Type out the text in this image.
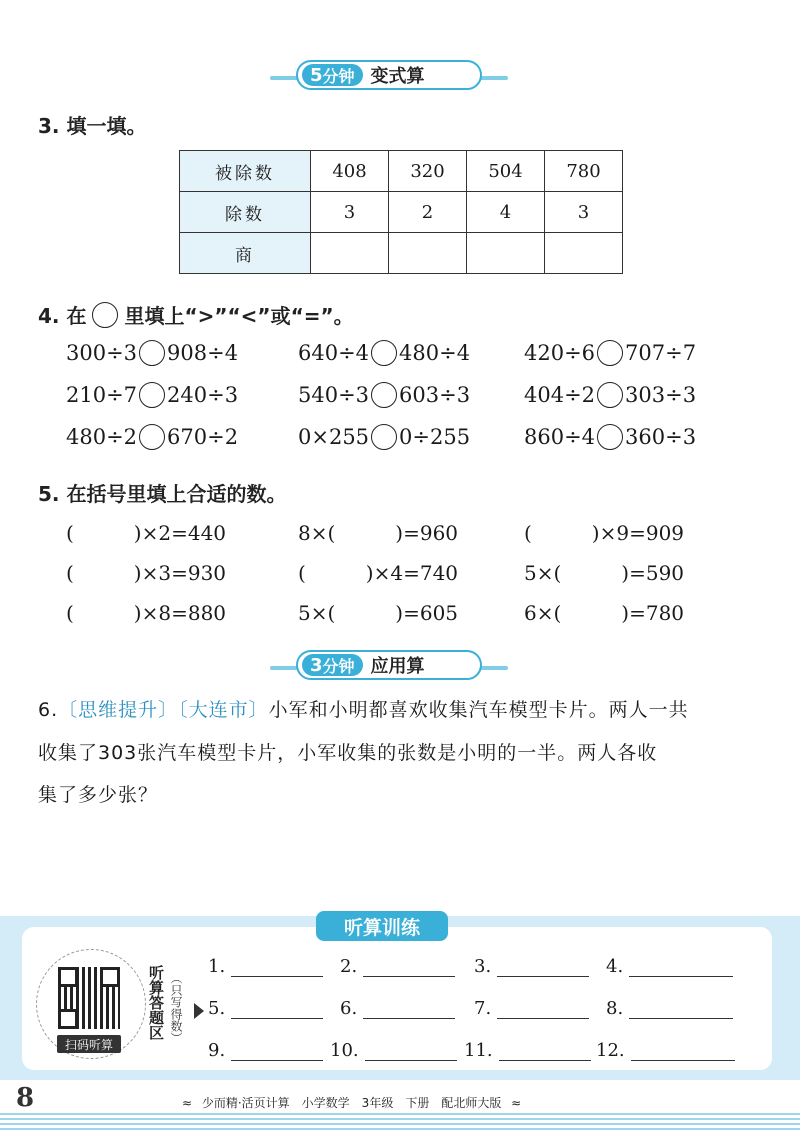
5 分钟 变式算
3. 填一填。
被除数	408	320	504	780
除数	3	2	4	3
商				
4. 在 里填上“>”“<”或“=”。
300÷3 908÷4	640÷4 480÷4	420÷6 707÷7
210÷7 240÷3	540÷3 603÷3	404÷2 303÷3
480÷2 670÷2	0×255 0÷255	860÷4 360÷3
5. 在括号里填上合适的数。
(　　　)×2=440	8×(　　　)=960	(　　　)×9=909
(　　　)×3=930	(　　　)×4=740	5×(　　　)=590
(　　　)×8=880	5×(　　　)=605	6×(　　　)=780
3 分钟 应用算
6.〔思维提升〕〔大连市〕小军和小明都喜欢收集汽车模型卡片。两人一共
收集了303张汽车模型卡片，小军收集的张数是小明的一半。两人各收
集了多少张？
听算训练
扫码听算
听算答题区 （只写得数）
1.	2.	3.	4.
5.	6.	7.	8.
9.	10.	11.	12.
8	≈ 少而精·活页计算　小学数学　3年级　下册　配北师大版 ≈
